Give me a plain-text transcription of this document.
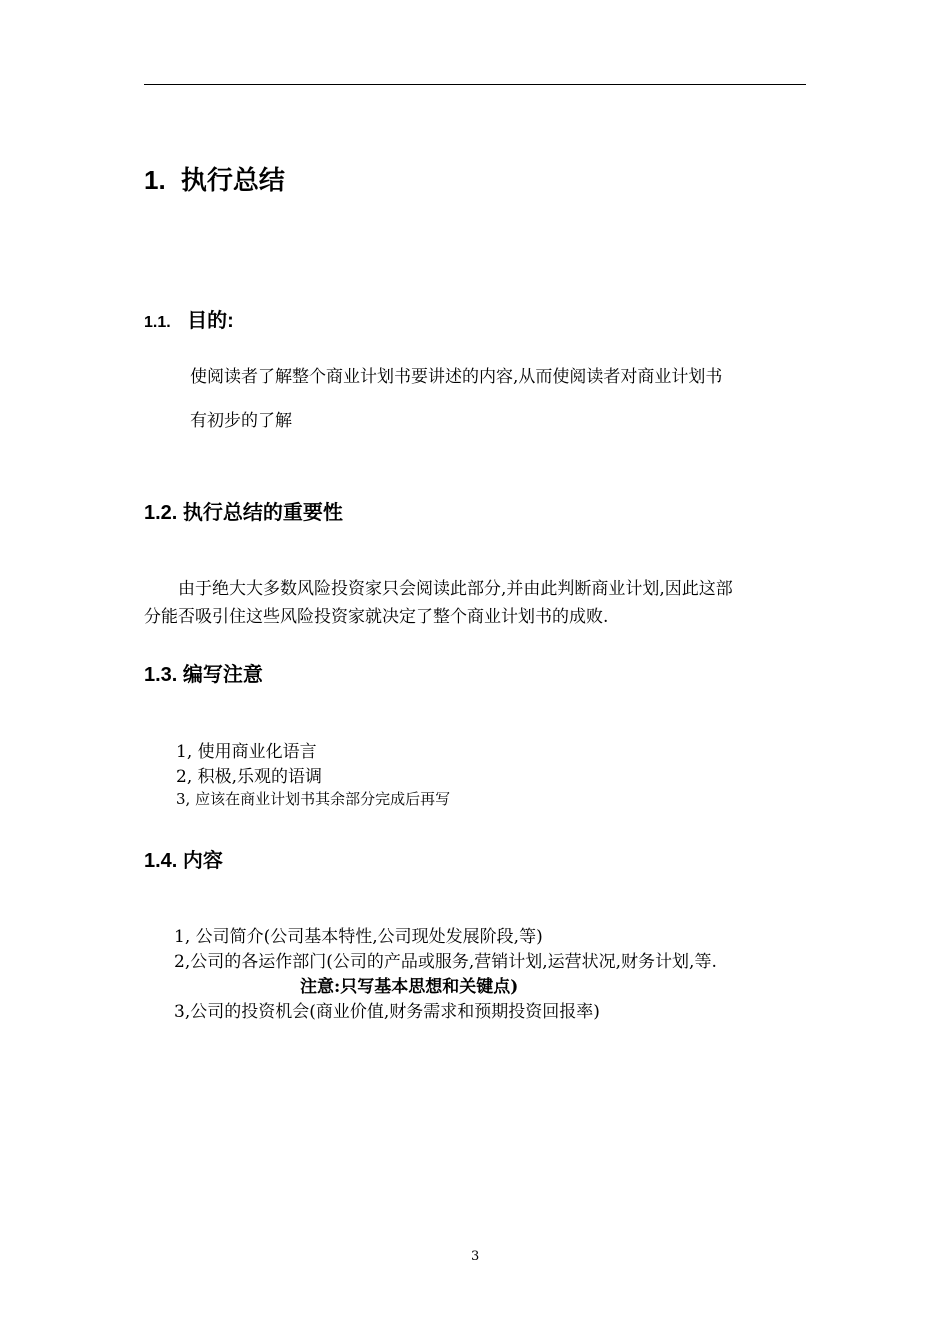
1. 执行总结
1.1. 目的:
使阅读者了解整个商业计划书要讲述的内容,从而使阅读者对商业计划书
有初步的了解
1.2. 执行总结的重要性
由于绝大大多数风险投资家只会阅读此部分,并由此判断商业计划,因此这部
分能否吸引住这些风险投资家就决定了整个商业计划书的成败.
1.3. 编写注意
1, 使用商业化语言
2, 积极,乐观的语调
3, 应该在商业计划书其余部分完成后再写
1.4. 内容
1, 公司简介(公司基本特性,公司现处发展阶段,等)
2,公司的各运作部门(公司的产品或服务,营销计划,运营状况,财务计划,等.
注意:只写基本思想和关键点)
3,公司的投资机会(商业价值,财务需求和预期投资回报率)
3
